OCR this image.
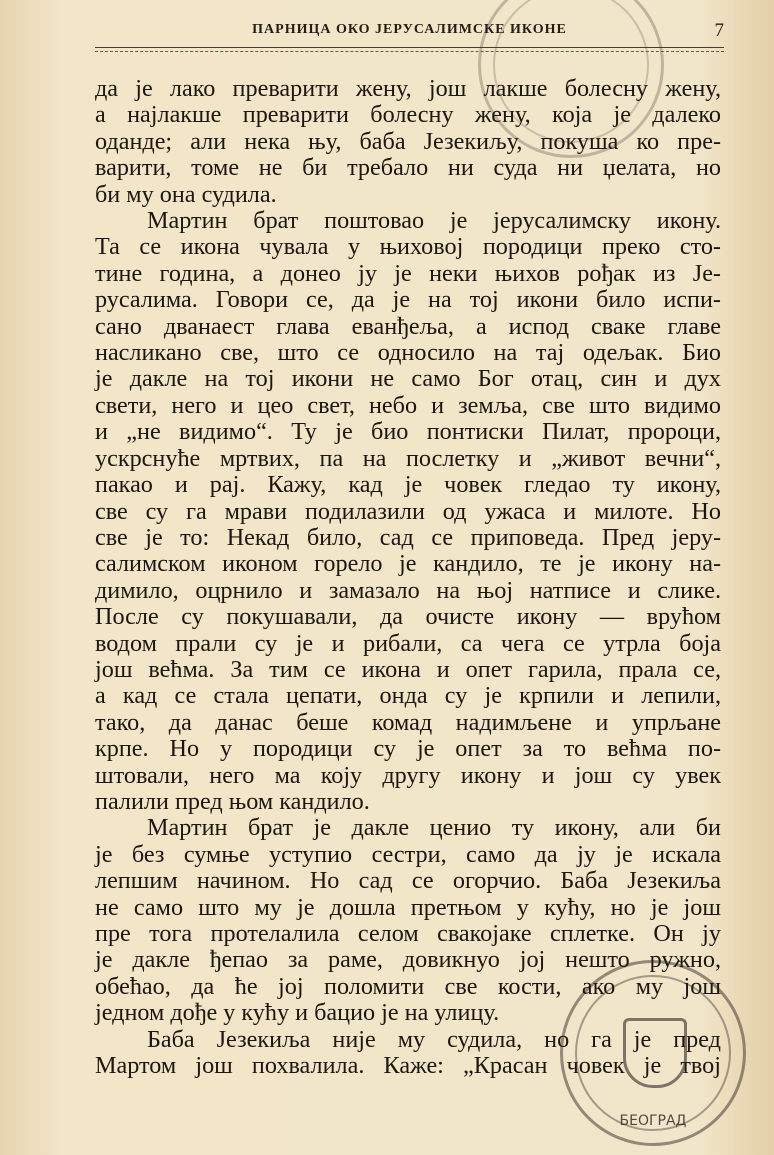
ПАРНИЦА ОКО ЈЕРУСАЛИМСКЕ ИКОНЕ	7
да је лако преварити жену, још лакше болесну жену,
а најлакше преварити болесну жену, која је далеко
оданде; али нека њу, баба Језекиљу, покуша ко пре-
варити, томе не би требало ни суда ни џелата, но
би му она судила.
Мартин брат поштовао је јерусалимску икону.
Та се икона чувала у њиховој породици преко сто-
тине година, а донео ју је неки њихов рођак из Је-
русалима. Говори се, да је на тој икони било испи-
сано дванаест глава еванђеља, а испод сваке главе
насликано све, што се односило на тај одељак. Био
је дакле на тој икони не само Бог отац, син и дух
свети, него и цео свет, небо и земља, све што видимо
и „не видимо“. Ту је био понтиски Пилат, пророци,
ускрснуће мртвих, па на послетку и „живот вечни“,
пакао и рај. Кажу, кад је човек гледао ту икону,
све су га мрави подилазили од ужаса и милоте. Но
све је то: Некад било, сад се приповеда. Пред јеру-
салимском иконом горело је кандило, те је икону на-
димило, оцрнило и замазало на њој натписе и слике.
После су покушавали, да очисте икону — врућом
водом прали су је и рибали, са чега се утрла боја
још већма. За тим се икона и опет гарила, прала се,
а кад се стала цепати, онда су је крпили и лепили,
тако, да данас беше комад надимљене и упрљане
крпе. Но у породици су је опет за то већма по-
штовали, него ма коју другу икону и још су увек
палили пред њом кандило.
Мартин брат је дакле ценио ту икону, али би
је без сумње уступио сестри, само да ју је искала
лепшим начином. Но сад се огорчио. Баба Језекиља
не само што му је дошла претњом у кућу, но је још
пре тога протелалила селом свакојаке сплетке. Он ју
је дакле ђепао за раме, довикнуо јој нешто ружно,
обећао, да ће јој поломити све кости, ако му још
једном дође у кућу и бацио је на улицу.
Баба Језекиља није му судила, но га је пред
Мартом још похвалила. Каже: „Красан човек је твој
БЕОГРАД
